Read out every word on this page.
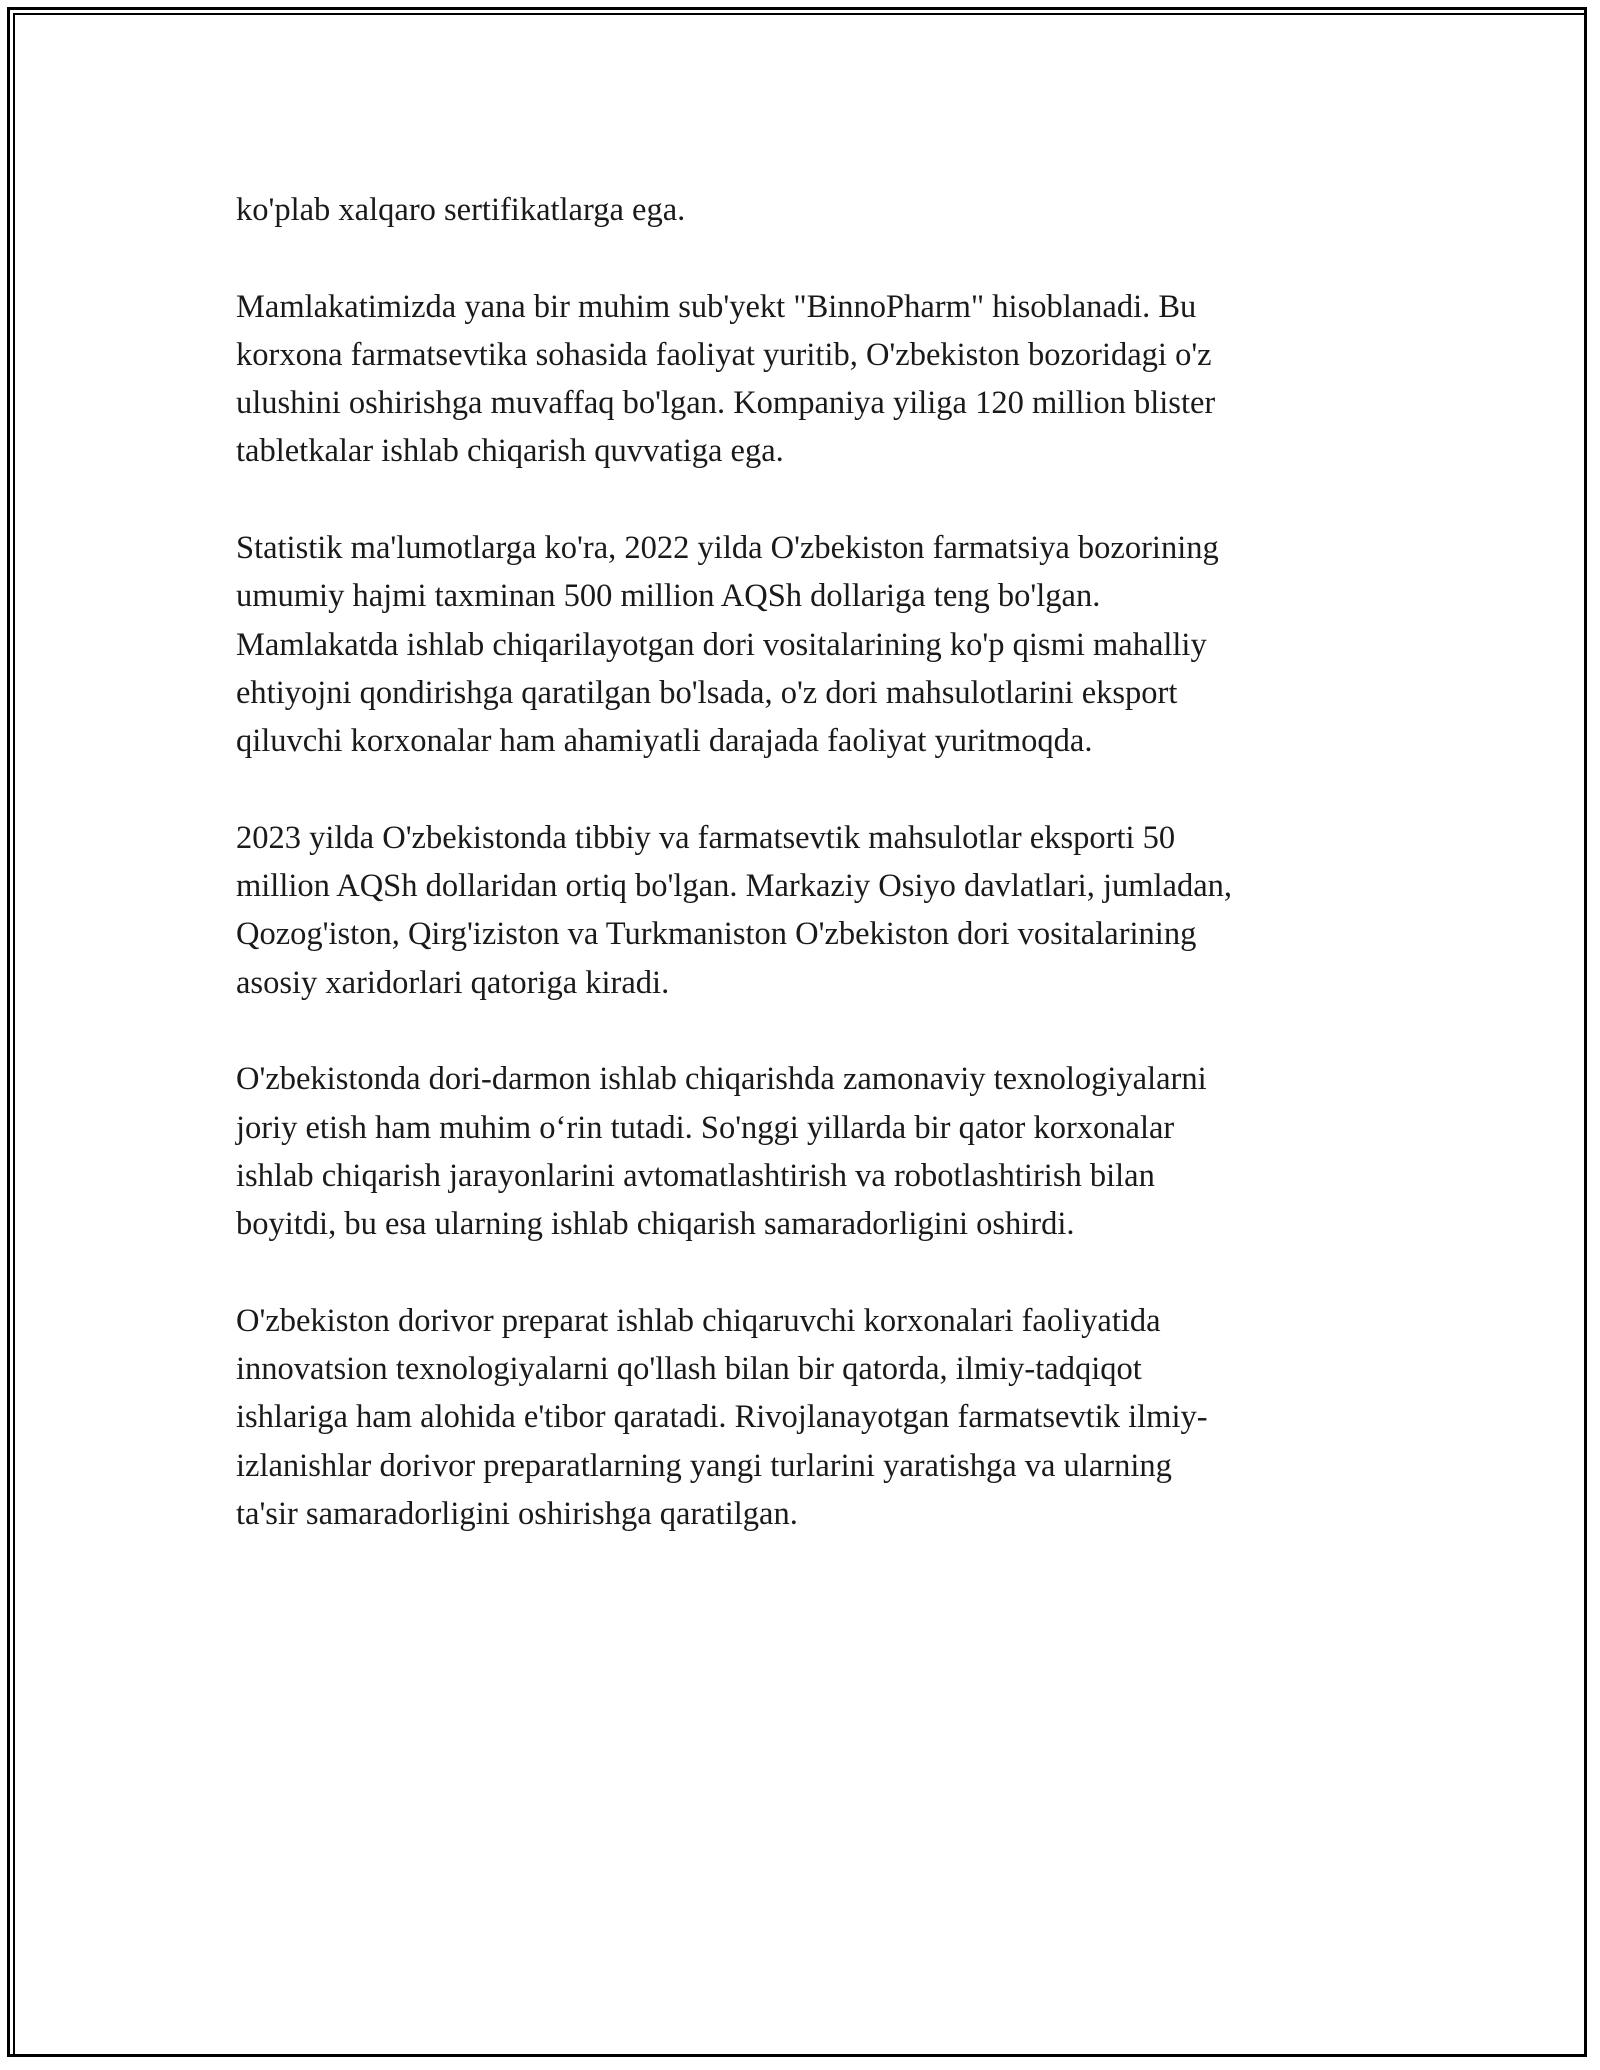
ko'plab xalqaro sertifikatlarga ega.

Mamlakatimizda yana bir muhim sub'yekt "BinnoPharm" hisoblanadi. Bu
korxona farmatsevtika sohasida faoliyat yuritib, O'zbekiston bozoridagi o'z
ulushini oshirishga muvaffaq bo'lgan. Kompaniya yiliga 120 million blister
tabletkalar ishlab chiqarish quvvatiga ega.

Statistik ma'lumotlarga ko'ra, 2022 yilda O'zbekiston farmatsiya bozorining
umumiy hajmi taxminan 500 million AQSh dollariga teng bo'lgan.
Mamlakatda ishlab chiqarilayotgan dori vositalarining ko'p qismi mahalliy
ehtiyojni qondirishga qaratilgan bo'lsada, o'z dori mahsulotlarini eksport
qiluvchi korxonalar ham ahamiyatli darajada faoliyat yuritmoqda.

2023 yilda O'zbekistonda tibbiy va farmatsevtik mahsulotlar eksporti 50
million AQSh dollaridan ortiq bo'lgan. Markaziy Osiyo davlatlari, jumladan,
Qozog'iston, Qirg'iziston va Turkmaniston O'zbekiston dori vositalarining
asosiy xaridorlari qatoriga kiradi.

O'zbekistonda dori-darmon ishlab chiqarishda zamonaviy texnologiyalarni
joriy etish ham muhim o‘rin tutadi. So'nggi yillarda bir qator korxonalar
ishlab chiqarish jarayonlarini avtomatlashtirish va robotlashtirish bilan
boyitdi, bu esa ularning ishlab chiqarish samaradorligini oshirdi.

O'zbekiston dorivor preparat ishlab chiqaruvchi korxonalari faoliyatida
innovatsion texnologiyalarni qo'llash bilan bir qatorda, ilmiy-tadqiqot
ishlariga ham alohida e'tibor qaratadi. Rivojlanayotgan farmatsevtik ilmiy-
izlanishlar dorivor preparatlarning yangi turlarini yaratishga va ularning
ta'sir samaradorligini oshirishga qaratilgan.
